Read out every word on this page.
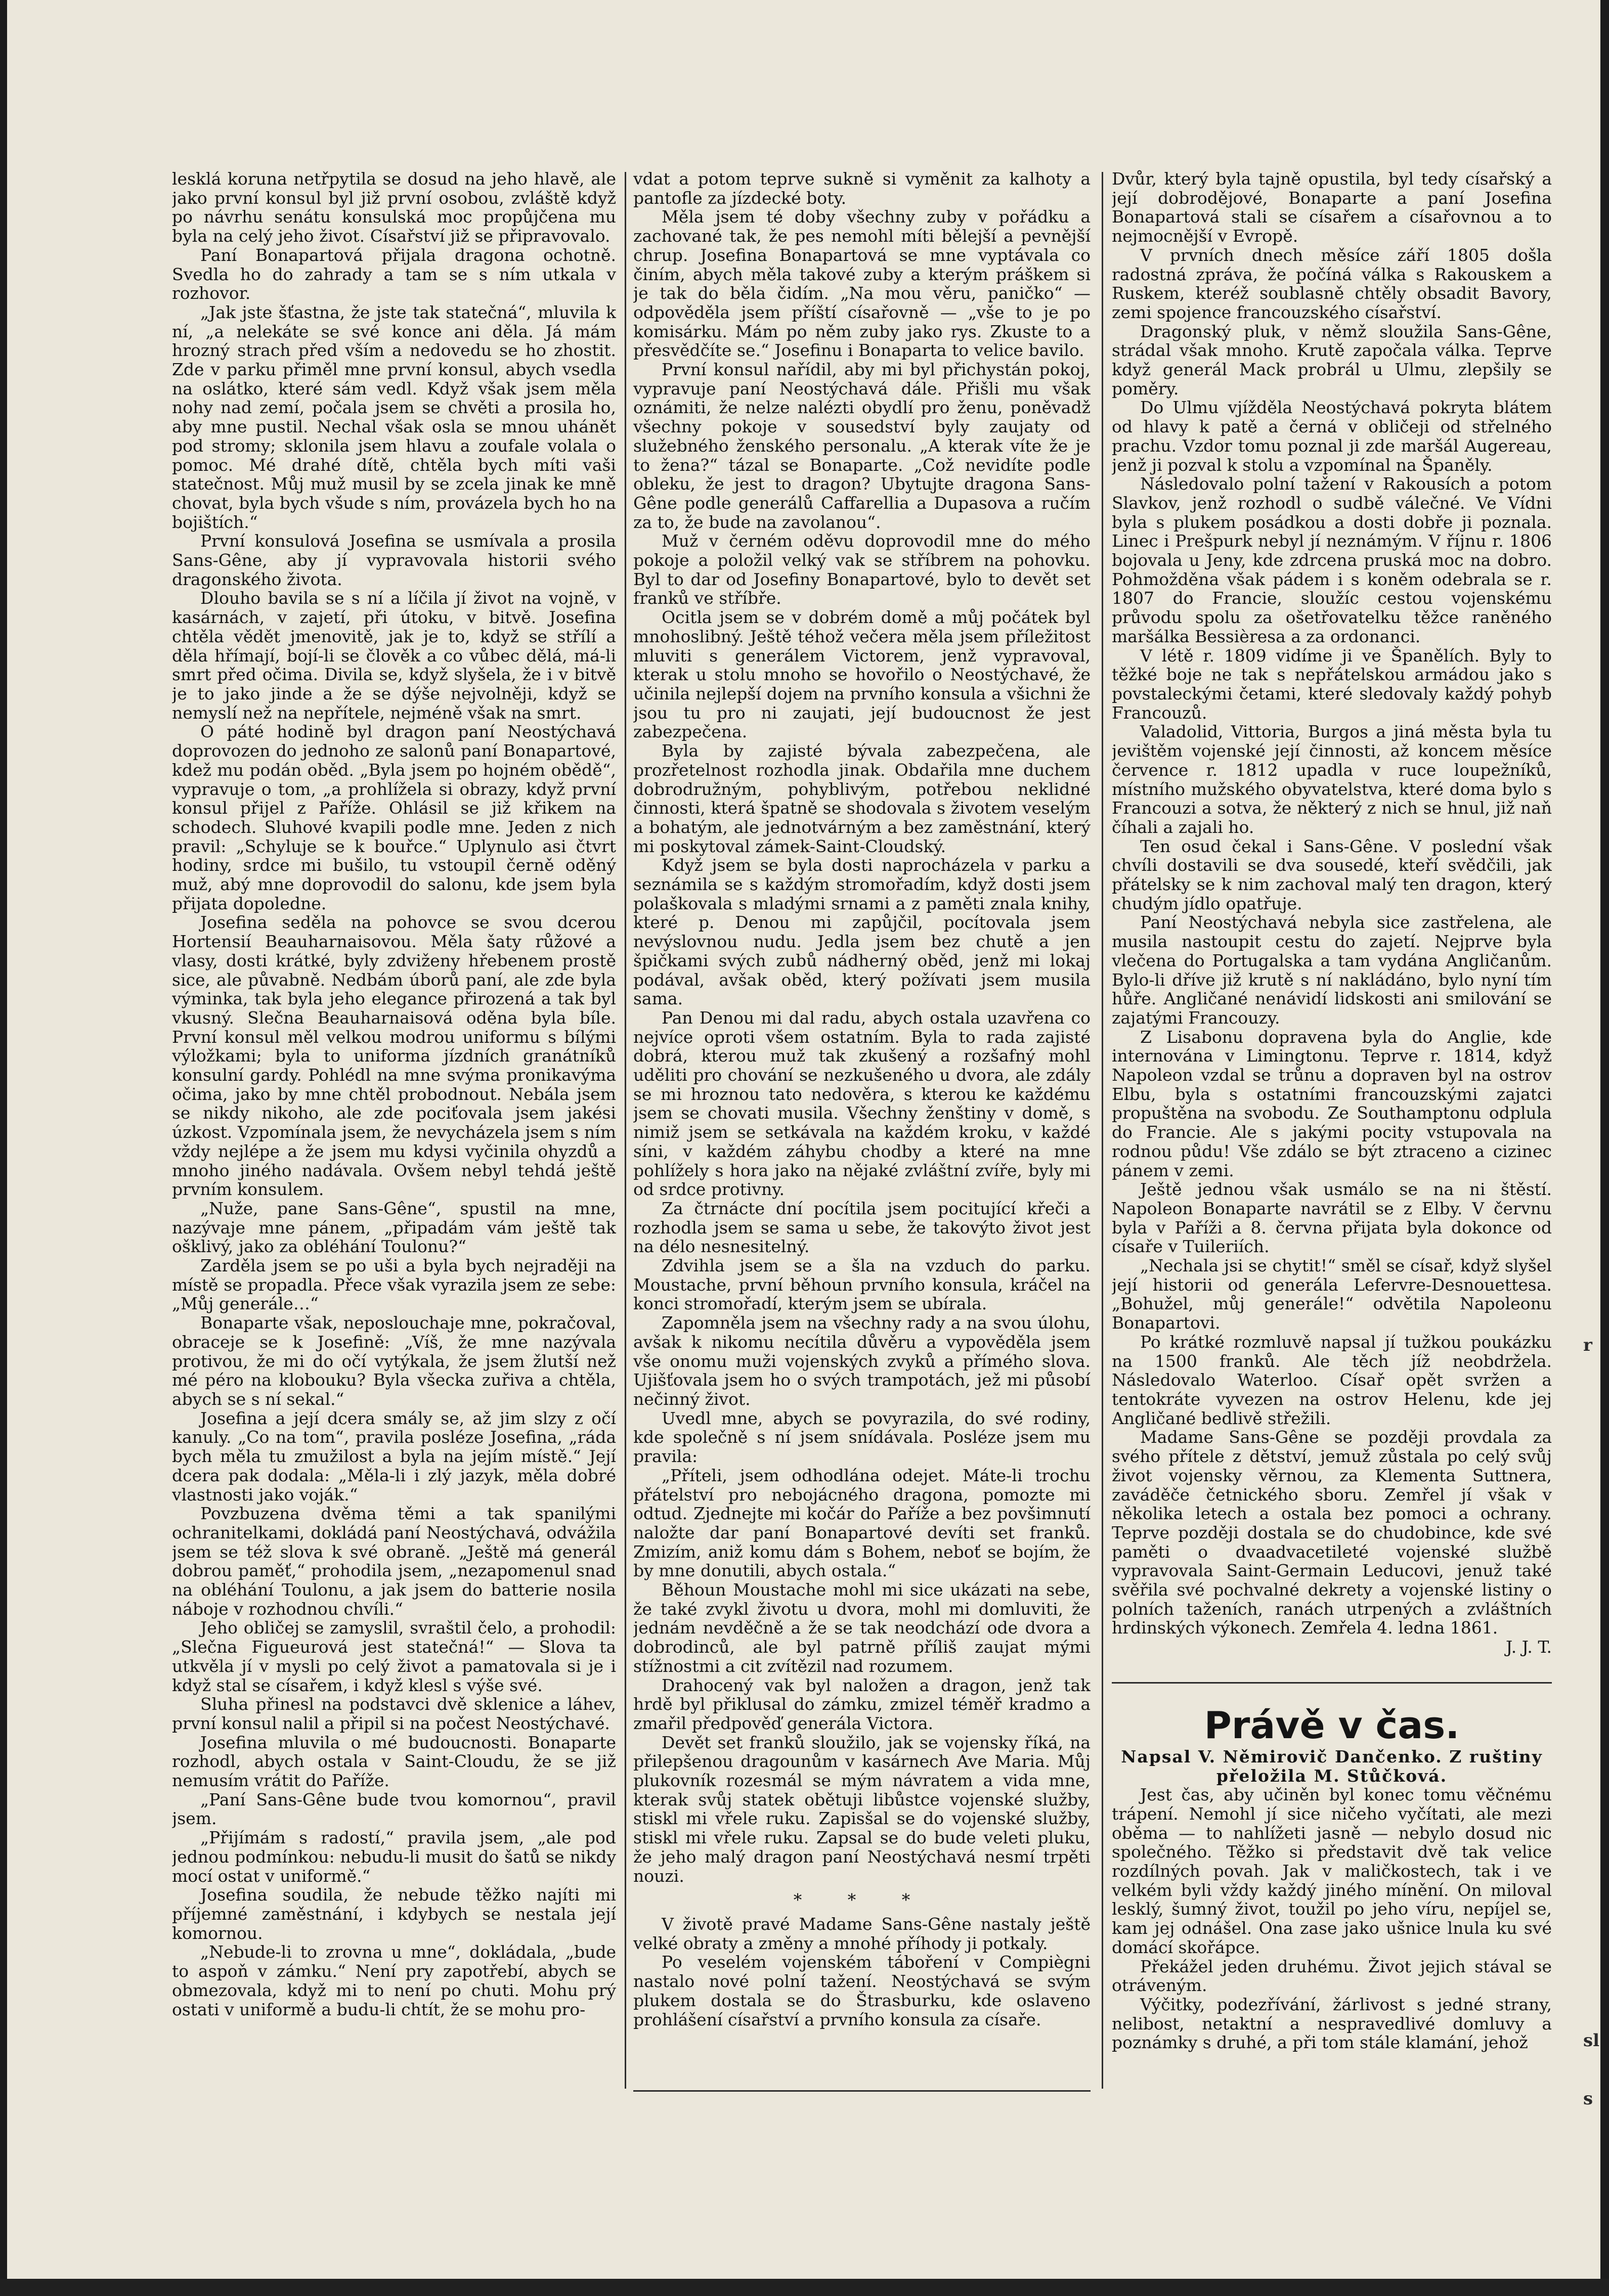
lesklá koruna netřpytila se dosud na jeho hlavě, ale jako první konsul byl již první osobou, zvláště když po návrhu senátu konsulská moc propůjčena mu byla na celý jeho život. Císařství již se připravovalo.

Paní Bonapartová přijala dragona ochotně. Svedla ho do zahrady a tam se s ním utkala v rozhovor.

„Jak jste šťastna, že jste tak statečná“, mluvila k ní, „a nelekáte se své konce ani děla. Já mám hrozný strach před vším a nedovedu se ho zhostit. Zde v parku přiměl mne první konsul, abych vsedla na oslátko, které sám vedl. Když však jsem měla nohy nad zemí, počala jsem se chvěti a prosila ho, aby mne pustil. Nechal však osla se mnou uhánět pod stromy; sklonila jsem hlavu a zoufale volala o pomoc. Mé drahé dítě, chtěla bych míti vaši statečnost. Můj muž musil by se zcela jinak ke mně chovat, byla bych všude s ním, provázela bych ho na bojištích.“

První konsulová Josefina se usmívala a prosila Sans-Gêne, aby jí vypravovala historii svého dragonského života.

Dlouho bavila se s ní a líčila jí život na vojně, v kasárnách, v zajetí, při útoku, v bitvě. Josefina chtěla vědět jmenovitě, jak je to, když se střílí a děla hřímají, bojí-li se člověk a co vůbec dělá, má-li smrt před očima. Divila se, když slyšela, že i v bitvě je to jako jinde a že se dýše nejvolněji, když se nemyslí než na nepřítele, nejméně však na smrt.

O páté hodině byl dragon paní Neostýchavá doprovozen do jednoho ze salonů paní Bonapartové, kdež mu podán oběd. „Byla jsem po hojném obědě“, vypravuje o tom, „a prohlížela si obrazy, když první konsul přijel z Paříže. Ohlásil se již křikem na schodech. Sluhové kvapili podle mne. Jeden z nich pravil: „Schyluje se k bouřce.“ Uplynulo asi čtvrt hodiny, srdce mi bušilo, tu vstoupil černě oděný muž, abý mne doprovodil do salonu, kde jsem byla přijata dopoledne.

Josefina seděla na pohovce se svou dcerou Hortensií Beauharnaisovou. Měla šaty růžové a vlasy, dosti krátké, byly zdviženy hřebenem prostě sice, ale půvabně. Nedbám úborů paní, ale zde byla výminka, tak byla jeho elegance přirozená a tak byl vkusný. Slečna Beauharnaisová oděna byla bíle. První konsul měl velkou modrou uniformu s bílými výložkami; byla to uniforma jízdních granátníků konsulní gardy. Pohlédl na mne svýma pronikavýma očima, jako by mne chtěl probodnout. Nebála jsem se nikdy nikoho, ale zde pociťovala jsem jakési úzkost. Vzpomínala jsem, že nevycházela jsem s ním vždy nejlépe a že jsem mu kdysi vyčinila ohyzdů a mnoho jiného nadávala. Ovšem nebyl tehdá ještě prvním konsulem.

„Nuže, pane Sans-Gêne“, spustil na mne, nazývaje mne pánem, „připadám vám ještě tak ošklivý, jako za obléhání Toulonu?“

Zarděla jsem se po uši a byla bych nejraději na místě se propadla. Přece však vyrazila jsem ze sebe: „Můj generále…“

Bonaparte však, neposlouchaje mne, pokračoval, obraceje se k Josefině: „Víš, že mne nazývala protivou, že mi do očí vytýkala, že jsem žlutší než mé péro na klobouku? Byla všecka zuřiva a chtěla, abych se s ní sekal.“

Josefina a její dcera smály se, až jim slzy z očí kanuly. „Co na tom“, pravila posléze Josefina, „ráda bych měla tu zmužilost a byla na jejím místě.“ Její dcera pak dodala: „Měla-li i zlý jazyk, měla dobré vlastnosti jako voják.“

Povzbuzena dvěma těmi a tak spanilými ochranitelkami, dokládá paní Neostýchavá, odvážila jsem se též slova k své obraně. „Ještě má generál dobrou paměť,“ prohodila jsem, „nezapomenul snad na obléhání Toulonu, a jak jsem do batterie nosila náboje v rozhodnou chvíli.“

Jeho obličej se zamyslil, svraštil čelo, a prohodil: „Slečna Figueurová jest statečná!“ — Slova ta utkvěla jí v mysli po celý život a pamatovala si je i když stal se císařem, i když klesl s výše své.

Sluha přinesl na podstavci dvě sklenice a láhev, první konsul nalil a připil si na počest Neostýchavé.

Josefina mluvila o mé budoucnosti. Bonaparte rozhodl, abych ostala v Saint-Cloudu, že se již nemusím vrátit do Paříže.

„Paní Sans-Gêne bude tvou komornou“, pravil jsem.

„Přijímám s radostí,“ pravila jsem, „ale pod jednou podmínkou: nebudu-li musit do šatů se nikdy mocí ostat v uniformě.“

Josefina soudila, že nebude těžko najíti mi příjemné zaměstnání, i kdybych se nestala její komornou.

„Nebude-li to zrovna u mne“, dokládala, „bude to aspoň v zámku.“ Není pry zapotřebí, abych se obmezovala, když mi to není po chuti. Mohu prý ostati v uniformě a budu-li chtít, že se mohu pro-

vdat a potom teprve sukně si vyměnit za kalhoty a pantofle za jízdecké boty.

Měla jsem té doby všechny zuby v pořádku a zachované tak, že pes nemohl míti bělejší a pevnější chrup. Josefina Bonapartová se mne vyptávala co činím, abych měla takové zuby a kterým práškem si je tak do běla čidím. „Na mou věru, paničko“ — odpověděla jsem příští císařovně — „vše to je po komisárku. Mám po něm zuby jako rys. Zkuste to a přesvědčíte se.“ Josefinu i Bonaparta to velice bavilo.

První konsul nařídil, aby mi byl přichystán pokoj, vypravuje paní Neostýchavá dále. Přišli mu však oznámiti, že nelze nalézti obydlí pro ženu, poněvadž všechny pokoje v sousedství byly zaujaty od služebného ženského personalu. „A kterak víte že je to žena?“ tázal se Bonaparte. „Což nevidíte podle obleku, že jest to dragon? Ubytujte dragona Sans-Gêne podle generálů Caffarellia a Dupasova a ručím za to, že bude na zavolanou“.

Muž v černém oděvu doprovodil mne do mého pokoje a položil velký vak se stříbrem na pohovku. Byl to dar od Josefiny Bonapartové, bylo to devět set franků ve stříbře.

Ocitla jsem se v dobrém domě a můj počátek byl mnohoslibný. Ještě téhož večera měla jsem příležitost mluviti s generálem Victorem, jenž vypravoval, kterak u stolu mnoho se hovořilo o Neostýchavé, že učinila nejlepší dojem na prvního konsula a všichni že jsou tu pro ni zaujati, její budoucnost že jest zabezpečena.

Byla by zajisté bývala zabezpečena, ale prozřetelnost rozhodla jinak. Obdařila mne duchem dobrodružným, pohyblivým, potřebou neklidné činnosti, která špatně se shodovala s životem veselým a bohatým, ale jednotvárným a bez zaměstnání, který mi poskytoval zámek-Saint-Cloudský.

Když jsem se byla dosti naprocházela v parku a seznámila se s každým stromořadím, když dosti jsem polaškovala s mladými srnami a z paměti znala knihy, které p. Denou mi zapůjčil, pocítovala jsem nevýslovnou nudu. Jedla jsem bez chutě a jen špičkami svých zubů nádherný oběd, jenž mi lokaj podával, avšak oběd, který požívati jsem musila sama.

Pan Denou mi dal radu, abych ostala uzavřena co nejvíce oproti všem ostatním. Byla to rada zajisté dobrá, kterou muž tak zkušený a rozšafný mohl uděliti pro chování se nezkušeného u dvora, ale zdály se mi hroznou tato nedověra, s kterou ke každému jsem se chovati musila. Všechny ženštiny v domě, s nimiž jsem se setkávala na každém kroku, v každé síni, v každém záhybu chodby a které na mne pohlížely s hora jako na nějaké zvláštní zvíře, byly mi od srdce protivny.

Za čtrnácte dní pocítila jsem pocitující křeči a rozhodla jsem se sama u sebe, že takovýto život jest na délo nesnesitelný.

Zdvihla jsem se a šla na vzduch do parku. Moustache, první běhoun prvního konsula, kráčel na konci stromořadí, kterým jsem se ubírala.

Zapomněla jsem na všechny rady a na svou úlohu, avšak k nikomu necítila důvěru a vypověděla jsem vše onomu muži vojenských zvyků a přímého slova. Ujišťovala jsem ho o svých trampotách, jež mi působí nečinný život.

Uvedl mne, abych se povyrazila, do své rodiny, kde společně s ní jsem snídávala. Posléze jsem mu pravila:

„Příteli, jsem odhodlána odejet. Máte-li trochu přátelství pro nebojácného dragona, pomozte mi odtud. Zjednejte mi kočár do Paříže a bez povšimnutí naložte dar paní Bonapartové devíti set franků. Zmizím, aniž komu dám s Bohem, neboť se bojím, že by mne donutili, abych ostala.“

Běhoun Moustache mohl mi sice ukázati na sebe, že také zvykl životu u dvora, mohl mi domluviti, že jednám nevděčně a že se tak neodchází ode dvora a dobrodinců, ale byl patrně příliš zaujat mými stížnostmi a cit zvítězil nad rozumem.

Drahocený vak byl naložen a dragon, jenž tak hrdě byl přiklusal do zámku, zmizel téměř kradmo a zmařil předpověď generála Victora.

Devět set franků sloužilo, jak se vojensky říká, na přilepšenou dragounům v kasárnech Ave Maria. Můj plukovník rozesmál se mým návratem a vida mne, kterak svůj statek obětuji libůstce vojenské služby, stiskl mi vřele ruku. Zapisšal se do vojenské služby, stiskl mi vřele ruku. Zapsal se do bude veleti pluku, že jeho malý dragon paní Neostýchavá nesmí trpěti nouzi.

* * *

V životě pravé Madame Sans-Gêne nastaly ještě velké obraty a změny a mnohé příhody ji potkaly.

Po veselém vojenském táboření v Compiègni nastalo nové polní tažení. Neostýchavá se svým plukem dostala se do Štrasburku, kde oslaveno prohlášení císařství a prvního konsula za císaře.

Dvůr, který byla tajně opustila, byl tedy císařský a její dobrodějové, Bonaparte a paní Josefina Bonapartová stali se císařem a císařovnou a to nejmocnější v Evropě.

V prvních dnech měsíce září 1805 došla radostná zpráva, že počíná válka s Rakouskem a Ruskem, kteréž soublasně chtěly obsadit Bavory, zemi spojence francouzského císařství.

Dragonský pluk, v němž sloužila Sans-Gêne, strádal však mnoho. Krutě započala válka. Teprve když generál Mack probrál u Ulmu, zlepšily se poměry.

Do Ulmu vjížděla Neostýchavá pokryta blátem od hlavy k patě a černá v obličeji od střelného prachu. Vzdor tomu poznal ji zde maršál Augereau, jenž ji pozval k stolu a vzpomínal na Španěly.

Následovalo polní tažení v Rakousích a potom Slavkov, jenž rozhodl o sudbě válečné. Ve Vídni byla s plukem posádkou a dosti dobře ji poznala. Linec i Prešpurk nebyl jí neznámým. V říjnu r. 1806 bojovala u Jeny, kde zdrcena pruská moc na dobro. Pohmožděna však pádem i s koněm odebrala se r. 1807 do Francie, sloužíc cestou vojenskému průvodu spolu za ošetřovatelku těžce raněného maršálka Bessièresa a za ordonanci.

V létě r. 1809 vidíme ji ve Španělích. Byly to těžké boje ne tak s nepřátelskou armádou jako s povstaleckými četami, které sledovaly každý pohyb Francouzů.

Valadolid, Vittoria, Burgos a jiná města byla tu jevištěm vojenské její činnosti, až koncem měsíce července r. 1812 upadla v ruce loupežníků, místního mužského obyvatelstva, které doma bylo s Francouzi a sotva, že některý z nich se hnul, již naň číhali a zajali ho.

Ten osud čekal i Sans-Gêne. V poslední však chvíli dostavili se dva sousedé, kteří svědčili, jak přátelsky se k nim zachoval malý ten dragon, který chudým jídlo opatřuje.

Paní Neostýchavá nebyla sice zastřelena, ale musila nastoupit cestu do zajetí. Nejprve byla vlečena do Portugalska a tam vydána Angličanům. Bylo-li dříve již krutě s ní nakládáno, bylo nyní tím hůře. Angličané nenávidí lidskosti ani smilování se zajatými Francouzy.

Z Lisabonu dopravena byla do Anglie, kde internována v Limingtonu. Teprve r. 1814, když Napoleon vzdal se trůnu a dopraven byl na ostrov Elbu, byla s ostatními francouzskými zajatci propuštěna na svobodu. Ze Southamptonu odplula do Francie. Ale s jakými pocity vstupovala na rodnou půdu! Vše zdálo se být ztraceno a cizinec pánem v zemi.

Ještě jednou však usmálo se na ni štěstí. Napoleon Bonaparte navrátil se z Elby. V červnu byla v Paříži a 8. června přijata byla dokonce od císaře v Tuileriích.

„Nechala jsi se chytit!“ směl se císař, když slyšel její historii od generála Lefervre-Desnouettesa. „Bohužel, můj generále!“ odvětila Napoleonu Bonapartovi.

Po krátké rozmluvě napsal jí tužkou poukázku na 1500 franků. Ale těch jíž neobdržela. Následovalo Waterloo. Císař opět svržen a tentokráte vyvezen na ostrov Helenu, kde jej Angličané bedlivě střežili.

Madame Sans-Gêne se později provdala za svého přítele z dětství, jemuž zůstala po celý svůj život vojensky věrnou, za Klementa Suttnera, zaváděče četnického sboru. Zemřel jí však v několika letech a ostala bez pomoci a ochrany. Teprve později dostala se do chudobince, kde své paměti o dvaadvacetileté vojenské službě vypravovala Saint-Germain Leducovi, jenuž také svěřila své pochvalné dekrety a vojenské listiny o polních taženích, ranách utrpených a zvláštních hrdinských výkonech. Zemřela 4. ledna 1861.

J. J. T.

Právě v čas.

Napsal V. Němirovič Dančenko. Z ruštiny přeložila M. Stůčková.

Jest čas, aby učiněn byl konec tomu věčnému trápení. Nemohl jí sice ničeho vyčítati, ale mezi oběma — to nahlížeti jasně — nebylo dosud nic společného. Těžko si představit dvě tak velice rozdílných povah. Jak v maličkostech, tak i ve velkém byli vždy každý jiného mínění. On miloval lesklý, šumný život, toužil po jeho víru, nepíjel se, kam jej odnášel. Ona zase jako ušnice lnula ku své domácí skořápce.

Překážel jeden druhému. Život jejich stával se otráveným.

Výčitky, podezřívání, žárlivost s jedné strany, nelibost, netaktní a nespravedlivé domluvy a poznámky s druhé, a při tom stále klamání, jehož

r
sl
s
